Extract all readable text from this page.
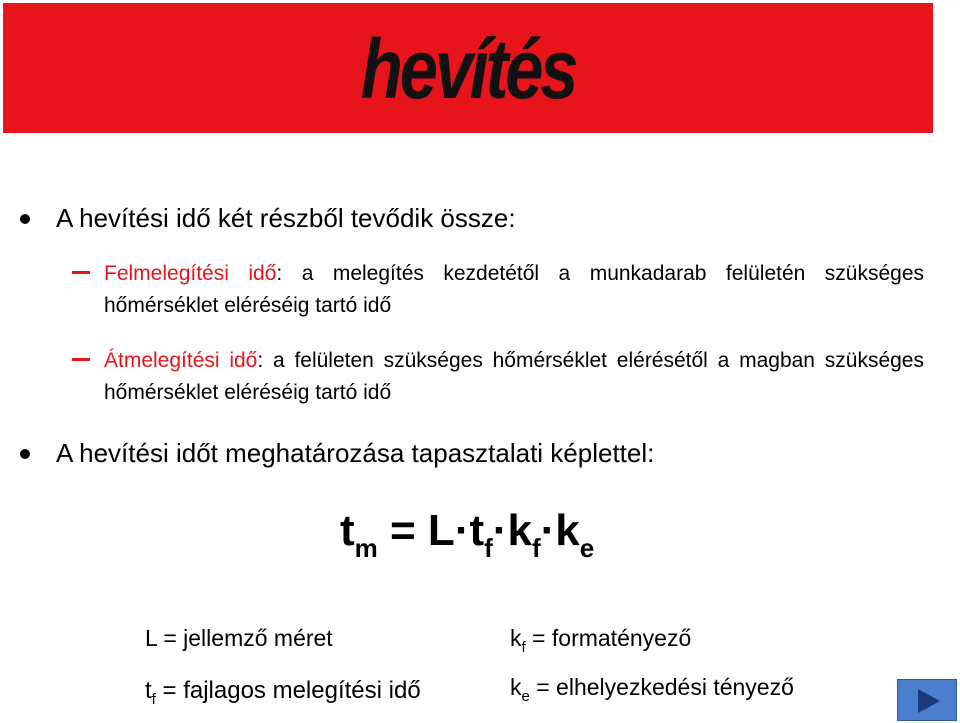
hevítés
A hevítési idő két részből tevődik össze:
Felmelegítési idő: a melegítés kezdetétől a munkadarab felületén szükséges hőmérséklet eléréséig tartó idő
Átmelegítési idő: a felületen szükséges hőmérséklet elérésétől a magban szükséges hőmérséklet eléréséig tartó idő
A hevítési időt meghatározása tapasztalati képlettel:
$t_m = L\cdot t_f\cdot k_f\cdot k_e$
L = jellemző méret
$t_f$ = fajlagos melegítési idő
$k_f$ = formatényező
$k_e$ = elhelyezkedési tényező
